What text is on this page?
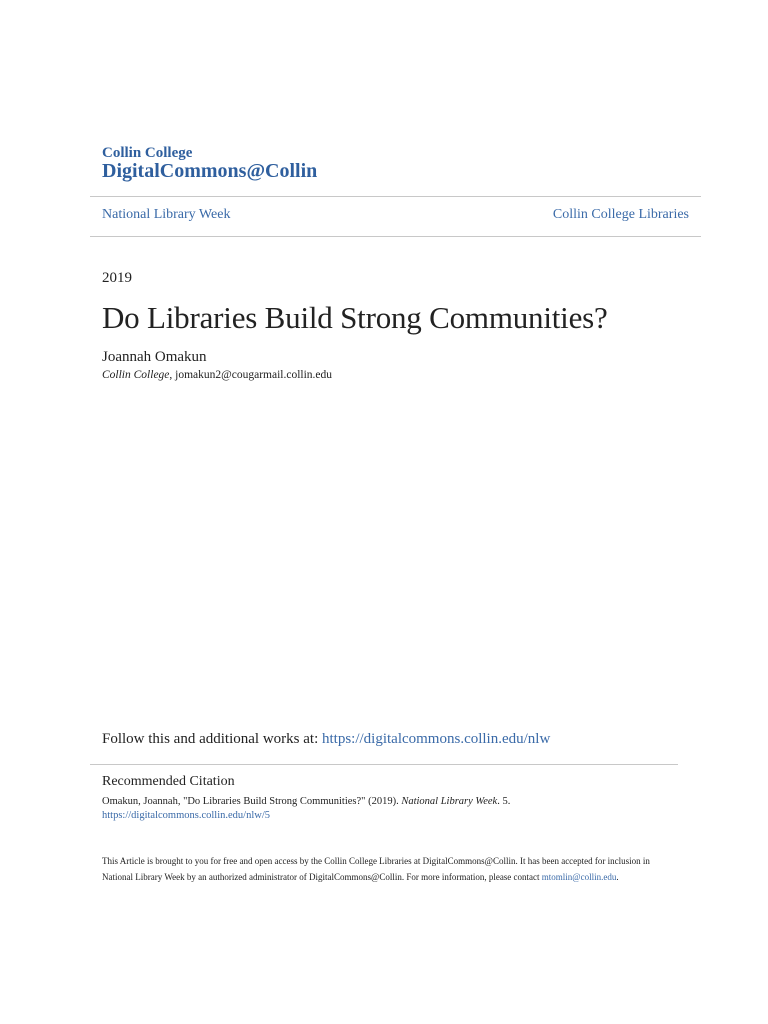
Collin College
DigitalCommons@Collin
National Library Week	Collin College Libraries
2019
Do Libraries Build Strong Communities?
Joannah Omakun
Collin College, jomakun2@cougarmail.collin.edu
Follow this and additional works at: https://digitalcommons.collin.edu/nlw
Recommended Citation
Omakun, Joannah, "Do Libraries Build Strong Communities?" (2019). National Library Week. 5.
https://digitalcommons.collin.edu/nlw/5
This Article is brought to you for free and open access by the Collin College Libraries at DigitalCommons@Collin. It has been accepted for inclusion in
National Library Week by an authorized administrator of DigitalCommons@Collin. For more information, please contact mtomlin@collin.edu.
